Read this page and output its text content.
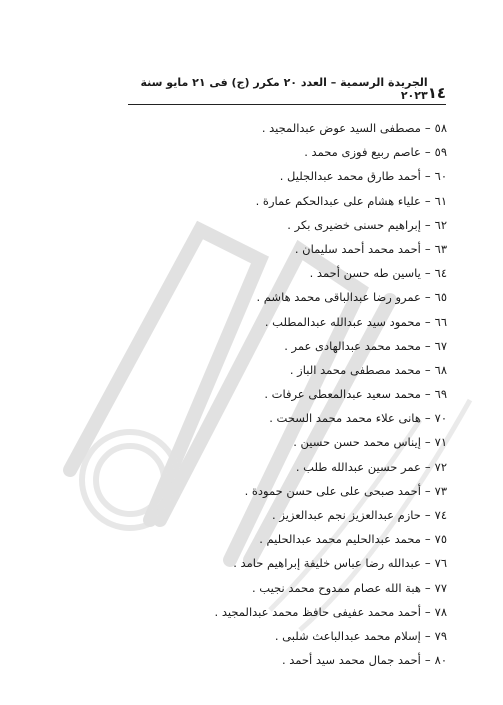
١٤
الجريدة الرسمية – العدد ٢٠ مكرر (ج) فى ٢١ مايو سنة ٢٠٢٣
٥٨–مصطفى السيد عوض عبدالمجيد .
٥٩–عاصم ربيع فوزى محمد .
٦٠–أحمد طارق محمد عبدالجليل .
٦١–علياء هشام على عبدالحكم عمارة .
٦٢–إبراهيم حسنى خضيرى بكر .
٦٣–أحمد محمد أحمد سليمان .
٦٤–ياسين طه حسن أحمد .
٦٥–عمرو رضا عبدالباقى محمد هاشم .
٦٦–محمود سيد عبدالله عبدالمطلب .
٦٧–محمد محمد عبدالهادى عمر .
٦٨–محمد مصطفى محمد الباز .
٦٩–محمد سعيد عبدالمعطى عرفات .
٧٠–هانى علاء محمد محمد السحت .
٧١–إيناس محمد حسن حسين .
٧٢–عمر حسين عبدالله طلب .
٧٣–أحمد صبحى على على حسن حمودة .
٧٤–حازم عبدالعزيز نجم عبدالعزيز .
٧٥–محمد عبدالحليم محمد عبدالحليم .
٧٦–عبدالله رضا عباس خليفة إبراهيم حامد .
٧٧–هبة الله عصام ممدوح محمد نجيب .
٧٨–أحمد محمد عفيفى حافظ محمد عبدالمجيد .
٧٩–إسلام محمد عبدالباعث شلبى .
٨٠–أحمد جمال محمد سيد أحمد .
